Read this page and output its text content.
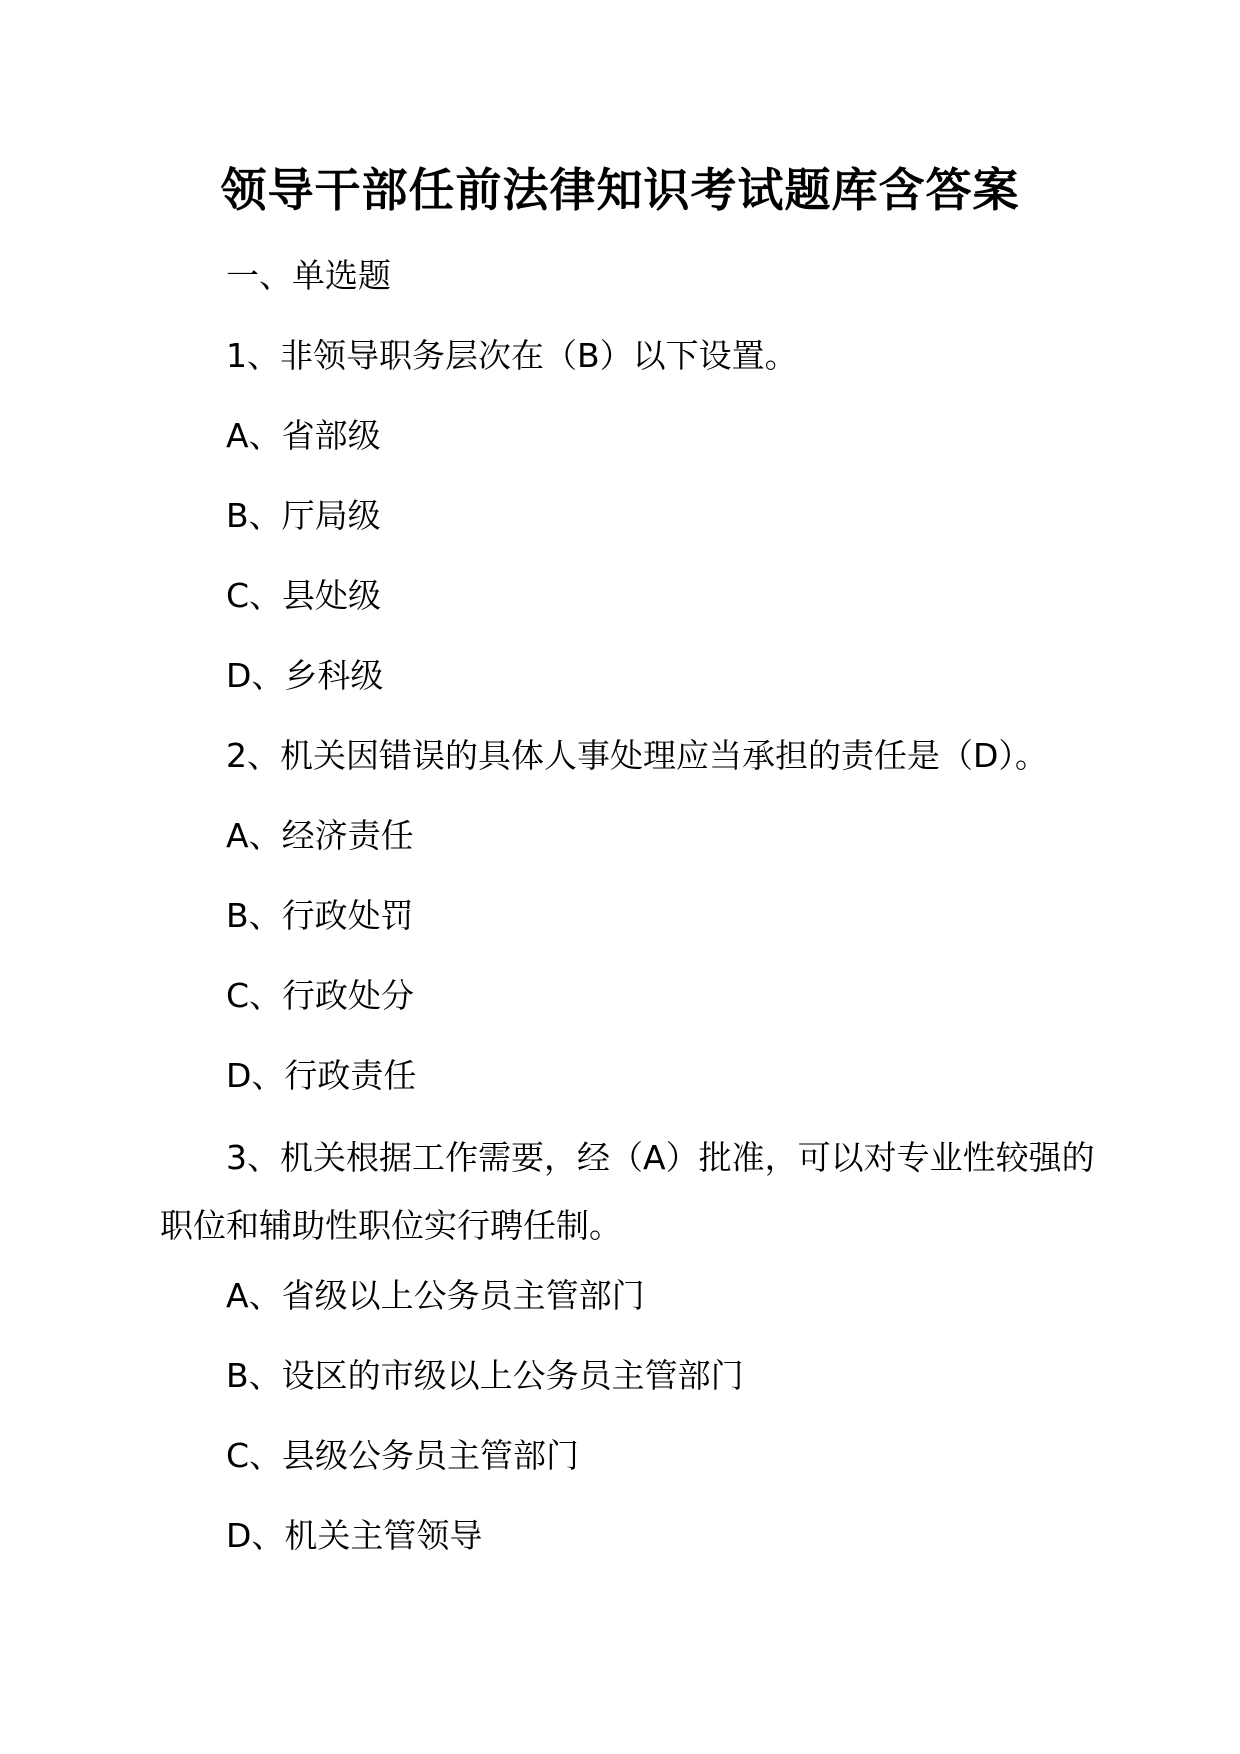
领导干部任前法律知识考试题库含答案
一、单选题
1、非领导职务层次在（B）以下设置。
A、省部级
B、厅局级
C、县处级
D、乡科级
2、机关因错误的具体人事处理应当承担的责任是（D）。
A、经济责任
B、行政处罚
C、行政处分
D、行政责任
3、机关根据工作需要，经（A）批准，可以对专业性较强的职位和辅助性职位实行聘任制。
A、省级以上公务员主管部门
B、设区的市级以上公务员主管部门
C、县级公务员主管部门
D、机关主管领导
